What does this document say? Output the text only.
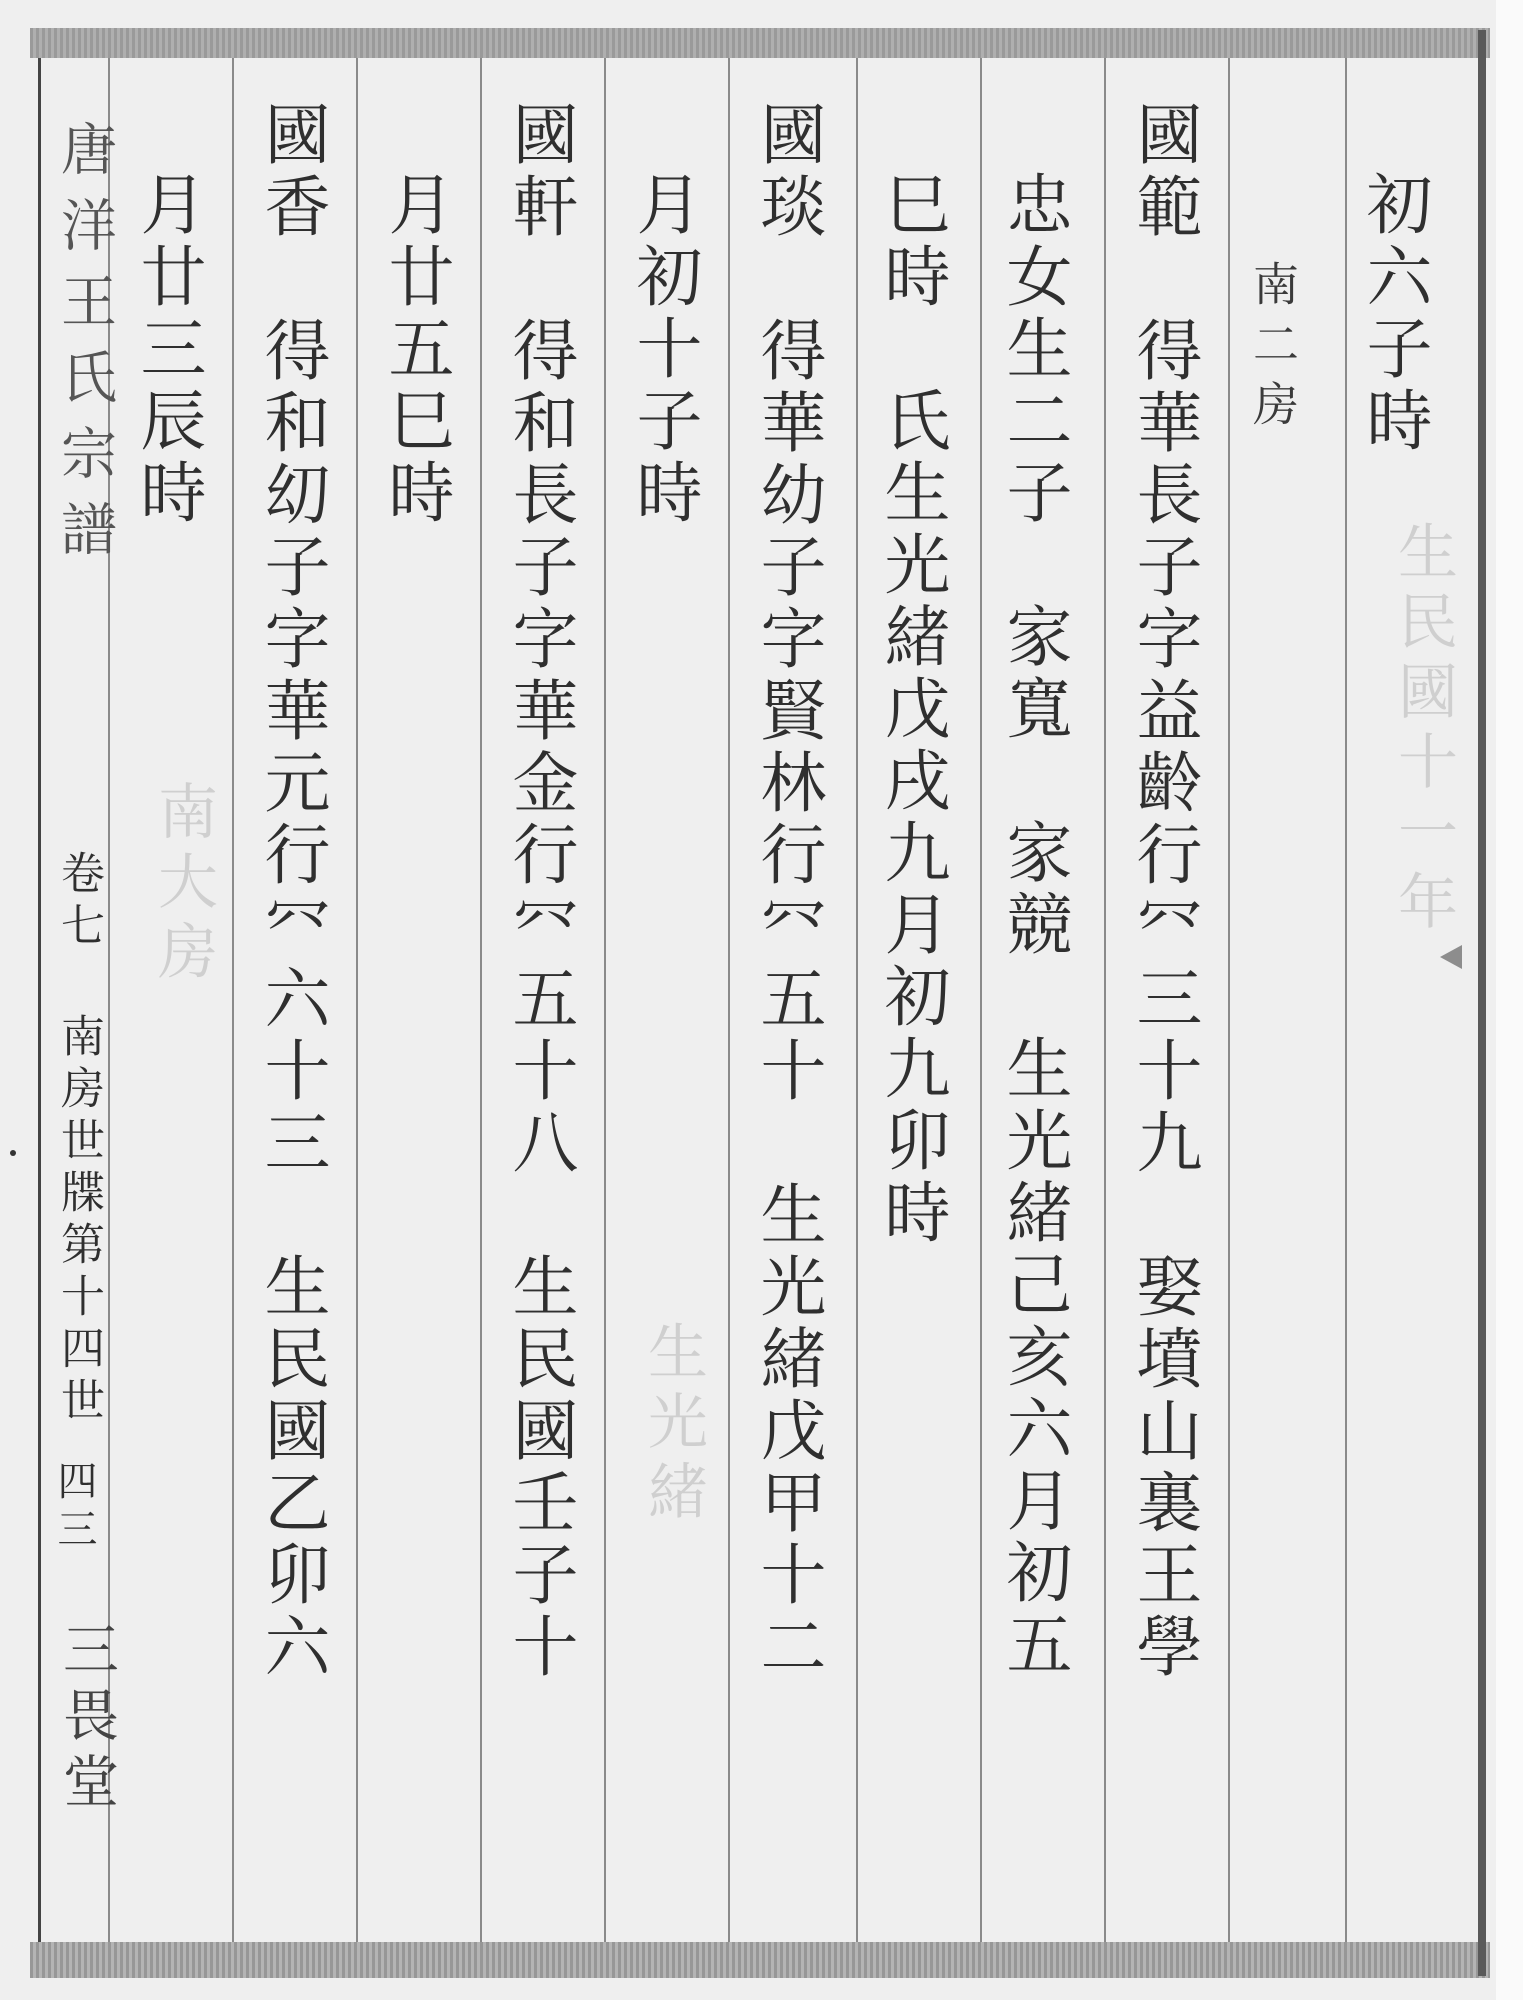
生民國十一年
生光緒
南大房
初六子時
南二房
國範　得華長子字益齡行㓁三十九　娶墳山裏王學
忠女生二子　家寬　家競　生光緒己亥六月初五
巳時　氏生光緒戊戌九月初九卯時
國琰　得華幼子字賢林行㓁五十　生光緒戊甲十二
月初十子時
國軒　得和長子字華金行㓁五十八　生民國壬子十
月廿五巳時
國香　得和㓜子字華元行㓁六十三　生民國乙卯六
月廿三辰時
唐洋王氏宗譜
卷七 南房世牒第十四世
四三
三畏堂
